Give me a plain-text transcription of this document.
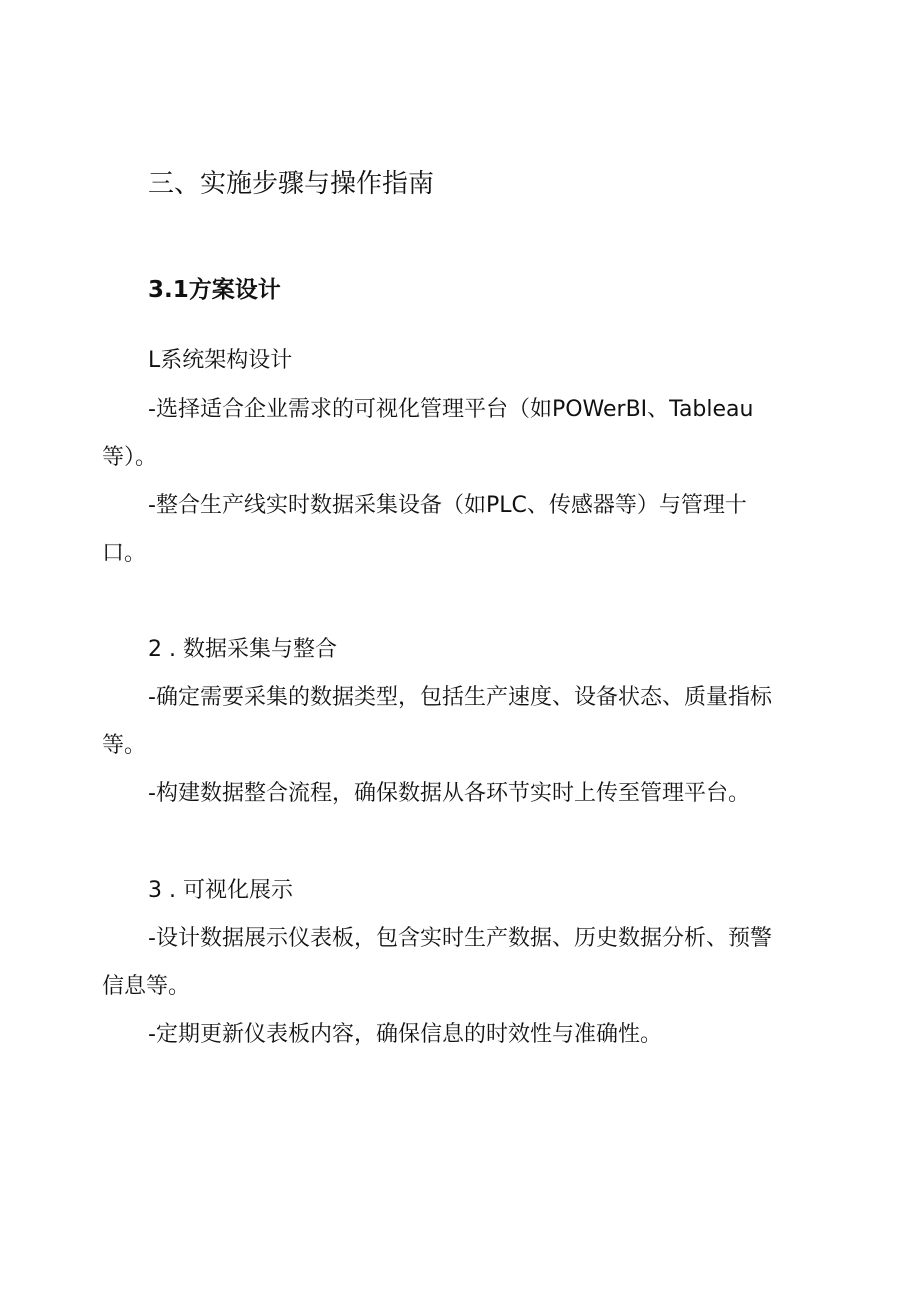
三、实施步骤与操作指南
3.1方案设计

L系统架构设计

-选择适合企业需求的可视化管理平台（如POWerBI、Tableau

等）。

-整合生产线实时数据采集设备（如PLC、传感器等）与管理十

口。

2 . 数据采集与整合

-确定需要采集的数据类型，包括生产速度、设备状态、质量指标

等。

-构建数据整合流程，确保数据从各环节实时上传至管理平台。

3 . 可视化展示

-设计数据展示仪表板，包含实时生产数据、历史数据分析、预警

信息等。

-定期更新仪表板内容，确保信息的时效性与准确性。
